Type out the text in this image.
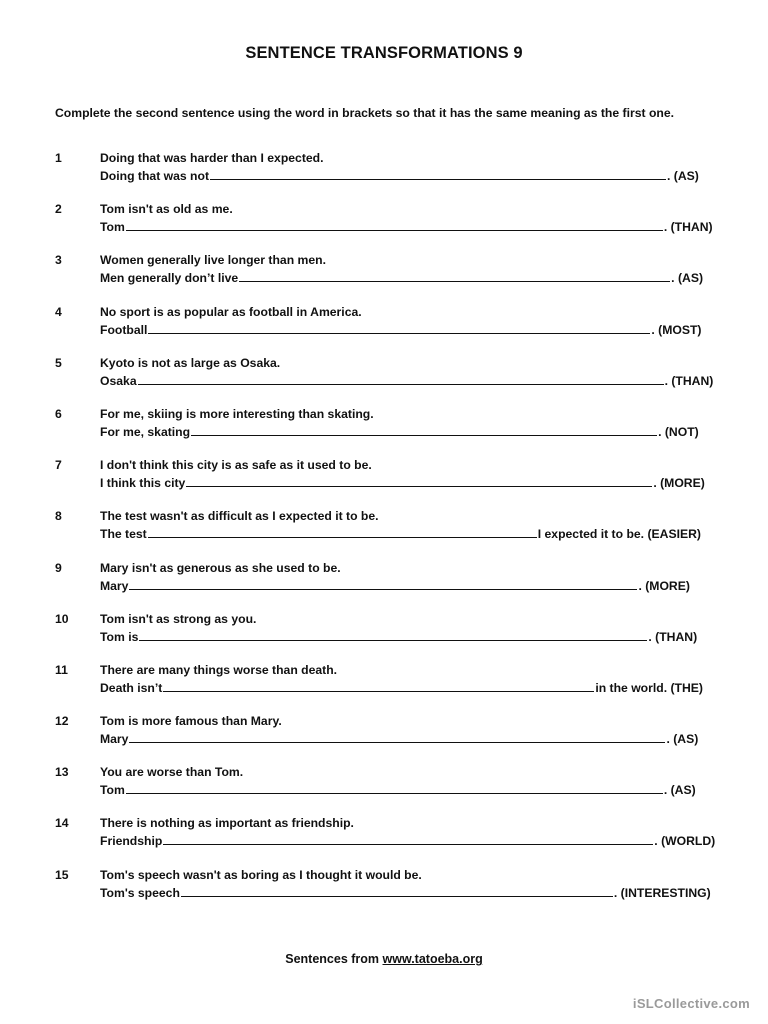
SENTENCE TRANSFORMATIONS 9
Complete the second sentence using the word in brackets so that it has the same meaning as the first one.
1	Doing that was harder than I expected.
Doing that was not	.
(AS)
2	Tom isn't as old as me.
Tom	.
(THAN)
3	Women generally live longer than men.
Men generally don’t live	.
(AS)
4	No sport is as popular as football in America.
Football	.
(MOST)
5	Kyoto is not as large as Osaka.
Osaka	.
(THAN)
6	For me, skiing is more interesting than skating.
For me, skating	.
(NOT)
7	I don't think this city is as safe as it used to be.
I think this city	.
(MORE)
8	The test wasn't as difficult as I expected it to be.
The test	I expected it to be.
(EASIER)
9	Mary isn't as generous as she used to be.
Mary	.
(MORE)
10	Tom isn't as strong as you.
Tom is	.
(THAN)
11	There are many things worse than death.
Death isn’t	in the world.
(THE)
12	Tom is more famous than Mary.
Mary	.
(AS)
13	You are worse than Tom.
Tom	.
(AS)
14	There is nothing as important as friendship.
Friendship	.
(WORLD)
15	Tom's speech wasn't as boring as I thought it would be.
Tom's speech	.
(INTERESTING)
Sentences from www.tatoeba.org
iSLCollective.com
